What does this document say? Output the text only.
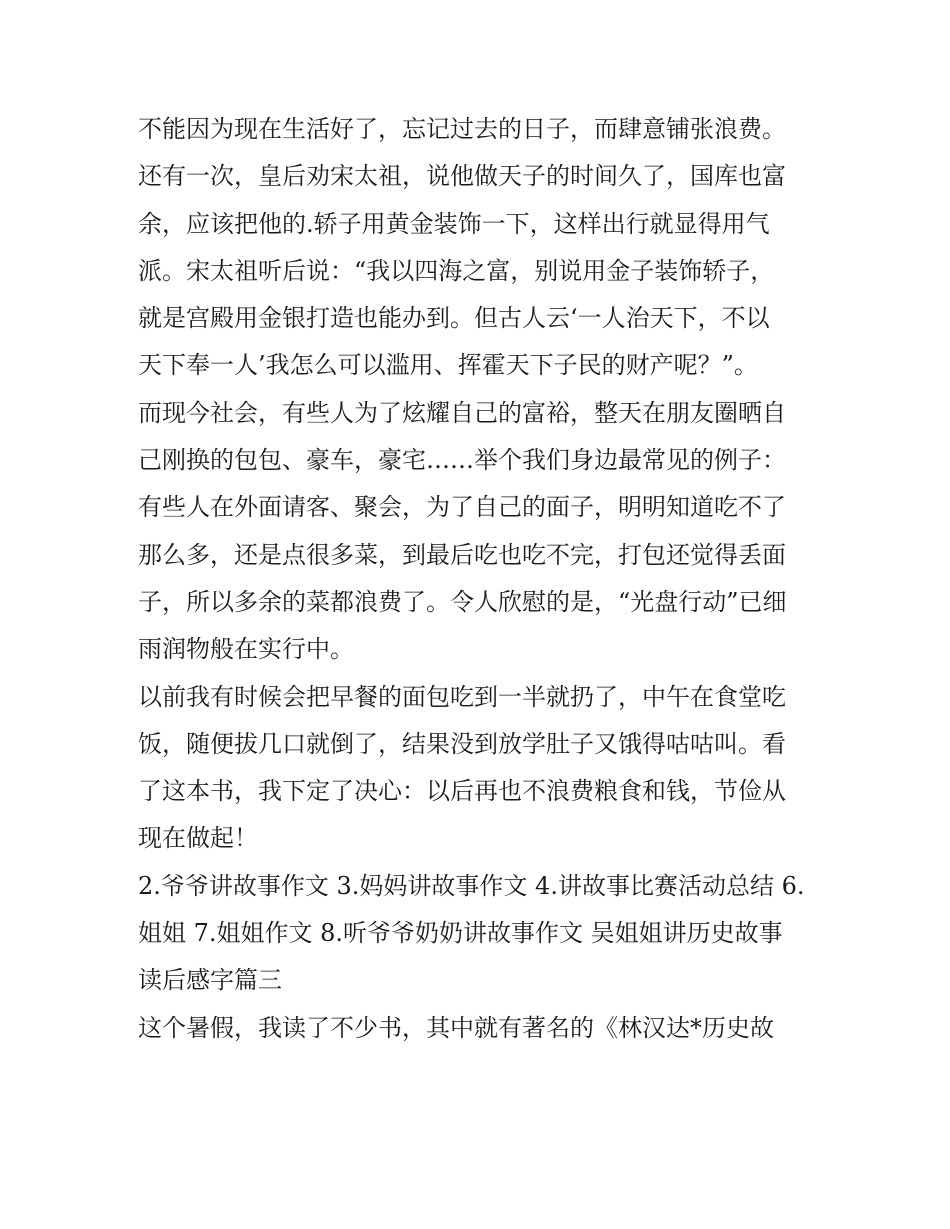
不能因为现在生活好了，忘记过去的日子，而肆意铺张浪费。
还有一次，皇后劝宋太祖，说他做天子的时间久了，国库也富
余，应该把他的.轿子用黄金装饰一下，这样出行就显得用气
派。宋太祖听后说：“我以四海之富，别说用金子装饰轿子，
就是宫殿用金银打造也能办到。但古人云‘一人治天下，不以
天下奉一人’我怎么可以滥用、挥霍天下子民的财产呢？”。
而现今社会，有些人为了炫耀自己的富裕，整天在朋友圈晒自
己刚换的包包、豪车，豪宅……举个我们身边最常见的例子：
有些人在外面请客、聚会，为了自己的面子，明明知道吃不了
那么多，还是点很多菜，到最后吃也吃不完，打包还觉得丢面
子，所以多余的菜都浪费了。令人欣慰的是，“光盘行动”已细
雨润物般在实行中。
以前我有时候会把早餐的面包吃到一半就扔了，中午在食堂吃
饭，随便拔几口就倒了，结果没到放学肚子又饿得咕咕叫。看
了这本书，我下定了决心：以后再也不浪费粮食和钱，节俭从
现在做起！
2.爷爷讲故事作文 3.妈妈讲故事作文 4.讲故事比赛活动总结 6.
姐姐 7.姐姐作文 8.听爷爷奶奶讲故事作文 吴姐姐讲历史故事
读后感字篇三
这个暑假，我读了不少书，其中就有著名的《林汉达*历史故
